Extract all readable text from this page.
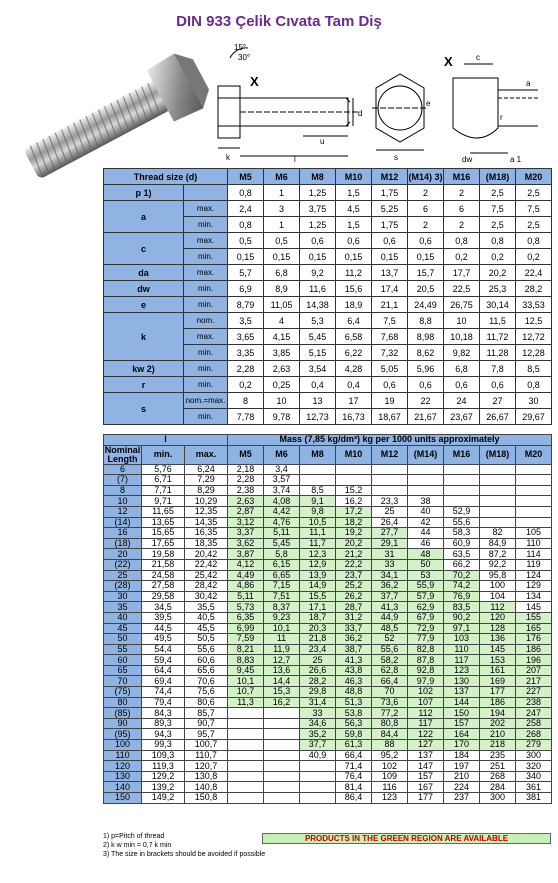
DIN 933 Çelik Cıvata Tam Diş
15°
30°
X
k	l
u
d
s
e
X	c
a
r
dw	a 1
Thread size (d)		M5	M6	M8	M10	M12	(M14) 3)	M16	(M18)	M20
p 1)		0,8	1	1,25	1,5	1,75	2	2	2,5	2,5
a	max.	2,4	3	3,75	4,5	5,25	6	6	7,5	7,5
	min.	0,8	1	1,25	1,5	1,75	2	2	2,5	2,5
c	max.	0,5	0,5	0,6	0,6	0,6	0,6	0,8	0,8	0,8
	min.	0,15	0,15	0,15	0,15	0,15	0,15	0,2	0,2	0,2
da	max.	5,7	6,8	9,2	11,2	13,7	15,7	17,7	20,2	22,4
dw	min.	6,9	8,9	11,6	15,6	17,4	20,5	22,5	25,3	28,2
e	min.	8,79	11,05	14,38	18,9	21,1	24,49	26,75	30,14	33,53
k	nom.	3,5	4	5,3	6,4	7,5	8,8	10	11,5	12,5
	max.	3,65	4,15	5,45	6,58	7,68	8,98	10,18	11,72	12,72
	min.	3,35	3,85	5,15	6,22	7,32	8,62	9,82	11,28	12,28
kw 2)	min.	2,28	2,63	3,54	4,28	5,05	5,96	6,8	7,8	8,5
r	min.	0,2	0,25	0,4	0,4	0,6	0,6	0,6	0,6	0,8
s	nom.=max.	8	10	13	17	19	22	24	27	30
	min.	7,78	9,78	12,73	16,73	18,67	21,67	23,67	26,67	29,67
l			Mass (7,85 kg/dm³) kg per 1000 units approximately								
Nominal Length	min.	max.	M5	M6	M8	M10	M12	(M14)	M16	(M18)	M20
6	5,76	6,24	2,18	3,4							
(7)	6,71	7,29	2,28	3,57							
8	7,71	8,29	2,38	3,74	8,5	15,2					
10	9,71	10,29	2,63	4,08	9,1	16,2	23,3	38			
12	11,65	12,35	2,87	4,42	9,8	17,2	25	40	52,9		
(14)	13,65	14,35	3,12	4,76	10,5	18,2	26,4	42	55,6		
16	15,65	16,35	3,37	5,11	11,1	19,2	27,7	44	58,3	82	105
(18)	17,65	18,35	3,62	5,45	11,7	20,2	29,1	46	60,9	84,9	110
20	19,58	20,42	3,87	5,8	12,3	21,2	31	48	63,5	87,2	114
(22)	21,58	22,42	4,12	6,15	12,9	22,2	33	50	66,2	92,2	119
25	24,58	25,42	4,49	6,65	13,9	23,7	34,1	53	70,2	95,8	124
(28)	27,58	28,42	4,86	7,15	14,9	25,2	36,2	55,9	74,2	100	129
30	29,58	30,42	5,11	7,51	15,5	26,2	37,7	57,9	76,9	104	134
35	34,5	35,5	5,73	8,37	17,1	28,7	41,3	62,9	83,5	112	145
40	39,5	40,5	6,35	9,23	18,7	31,2	44,9	67,9	90,2	120	155
45	44,5	45,5	6,99	10,1	20,3	33,7	48,5	72,9	97,1	128	165
50	49,5	50,5	7,59	11	21,8	36,2	52	77,9	103	136	176
55	54,4	55,6	8,21	11,9	23,4	38,7	55,6	82,8	110	145	186
60	59,4	60,6	8,83	12,7	25	41,3	58,2	87,8	117	153	196
65	64,4	65,6	9,45	13,6	26,6	43,8	62,8	92,8	123	161	207
70	69,4	70,6	10,1	14,4	28,2	46,3	66,4	97,9	130	169	217
(75)	74,4	75,6	10,7	15,3	29,8	48,8	70	102	137	177	227
80	79,4	80,6	11,3	16,2	31,4	51,3	73,6	107	144	186	238
(85)	84,3	85,7			33	53,8	77,2	112	150	194	247
90	89,3	90,7			34,6	56,3	80,8	117	157	202	258
(95)	94,3	95,7			35,2	59,8	84,4	122	164	210	268
100	99,3	100,7			37,7	61,3	88	127	170	218	279
110	109,3	110,7			40,9	66,4	95,2	137	184	235	300
120	119,3	120,7				71,4	102	147	197	251	320
130	129,2	130,8				76,4	109	157	210	268	340
140	139,2	140,8				81,4	116	167	224	284	361
150	149,2	150,8				86,4	123	177	237	300	381
1) p=Pitch of thread
2) k w min = 0,7 k min
3) The size in brackets should be avoided if possible
PRODUCTS IN THE GREEN REGION ARE AVAILABLE
